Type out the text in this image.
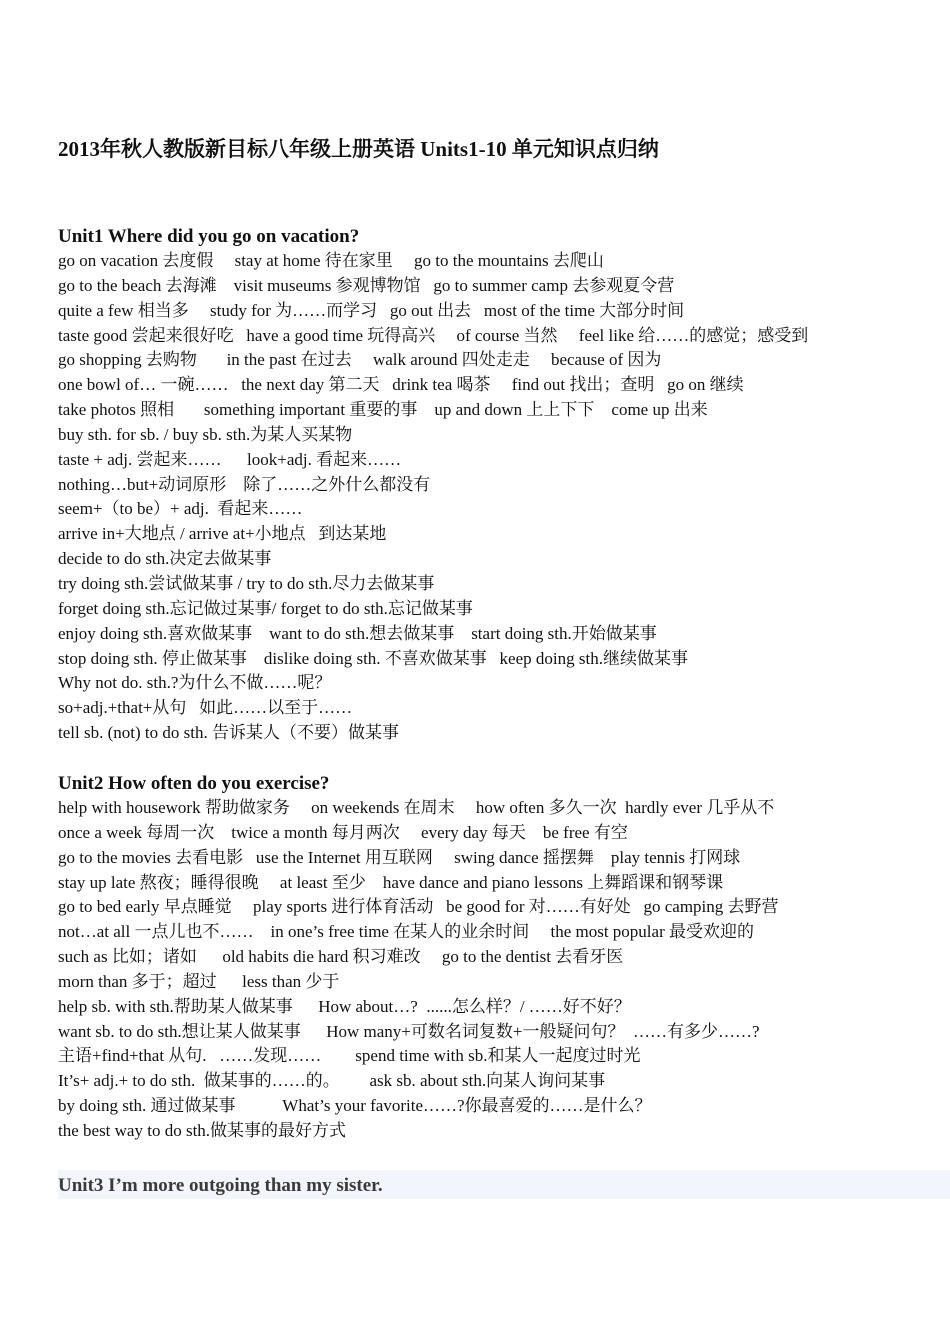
2013年秋人教版新目标八年级上册英语 Units1-10 单元知识点归纳
Unit1 Where did you go on vacation?
go on vacation 去度假     stay at home 待在家里     go to the mountains 去爬山
go to the beach 去海滩    visit museums 参观博物馆   go to summer camp 去参观夏令营
quite a few 相当多     study for 为……而学习   go out 出去   most of the time 大部分时间
taste good 尝起来很好吃   have a good time 玩得高兴     of course 当然     feel like 给……的感觉；感受到
go shopping 去购物       in the past 在过去     walk around 四处走走     because of 因为
one bowl of… 一碗……   the next day 第二天   drink tea 喝茶     find out 找出；查明   go on 继续
take photos 照相       something important 重要的事    up and down 上上下下    come up 出来
buy sth. for sb. / buy sb. sth.为某人买某物
taste + adj. 尝起来……      look+adj. 看起来……
nothing…but+动词原形    除了……之外什么都没有
seem+（to be）+ adj.  看起来……
arrive in+大地点 / arrive at+小地点   到达某地
decide to do sth.决定去做某事
try doing sth.尝试做某事 / try to do sth.尽力去做某事
forget doing sth.忘记做过某事/ forget to do sth.忘记做某事
enjoy doing sth.喜欢做某事    want to do sth.想去做某事    start doing sth.开始做某事
stop doing sth. 停止做某事    dislike doing sth. 不喜欢做某事   keep doing sth.继续做某事
Why not do. sth.?为什么不做……呢？
so+adj.+that+从句   如此……以至于……
tell sb. (not) to do sth. 告诉某人（不要）做某事
Unit2 How often do you exercise?
help with housework 帮助做家务     on weekends 在周末     how often 多久一次  hardly ever 几乎从不
once a week 每周一次    twice a month 每月两次     every day 每天    be free 有空
go to the movies 去看电影   use the Internet 用互联网     swing dance 摇摆舞    play tennis 打网球
stay up late 熬夜；睡得很晚     at least 至少    have dance and piano lessons 上舞蹈课和钢琴课
go to bed early 早点睡觉     play sports 进行体育活动   be good for 对……有好处   go camping 去野营
not…at all 一点儿也不……    in one’s free time 在某人的业余时间     the most popular 最受欢迎的
such as 比如；诸如      old habits die hard 积习难改     go to the dentist 去看牙医
morn than 多于；超过      less than 少于
help sb. with sth.帮助某人做某事      How about…?  ......怎么样？/ ……好不好？
want sb. to do sth.想让某人做某事      How many+可数名词复数+一般疑问句？  ……有多少……?
主语+find+that 从句.   ……发现……        spend time with sb.和某人一起度过时光
It’s+ adj.+ to do sth.  做某事的……的。       ask sb. about sth.向某人询问某事
by doing sth. 通过做某事           What’s your favorite……?你最喜爱的……是什么？
the best way to do sth.做某事的最好方式
Unit3 I’m more outgoing than my sister.
